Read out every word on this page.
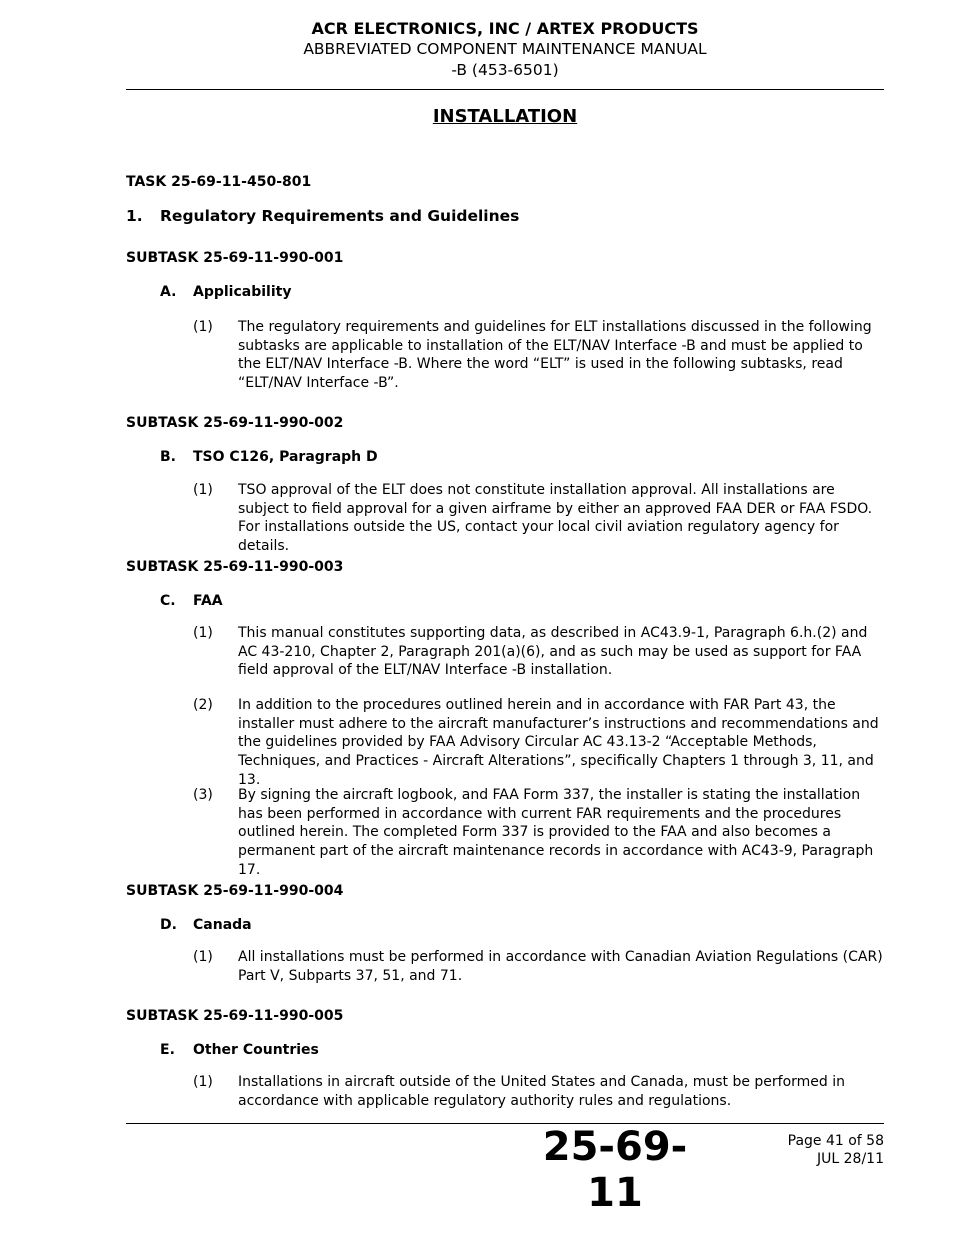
ACR ELECTRONICS, INC / ARTEX PRODUCTS
ABBREVIATED COMPONENT MAINTENANCE MANUAL
-B (453-6501)
INSTALLATION
TASK 25-69-11-450-801
1. Regulatory Requirements and Guidelines
SUBTASK 25-69-11-990-001
A. Applicability
(1) The regulatory requirements and guidelines for ELT installations discussed in the following subtasks are applicable to installation of the ELT/NAV Interface -B and must be applied to the ELT/NAV Interface -B. Where the word “ELT” is used in the following subtasks, read “ELT/NAV Interface -B”.
SUBTASK 25-69-11-990-002
B. TSO C126, Paragraph D
(1) TSO approval of the ELT does not constitute installation approval. All installations are subject to field approval for a given airframe by either an approved FAA DER or FAA FSDO. For installations outside the US, contact your local civil aviation regulatory agency for details.
SUBTASK 25-69-11-990-003
C. FAA
(1) This manual constitutes supporting data, as described in AC43.9-1, Paragraph 6.h.(2) and AC 43-210, Chapter 2, Paragraph 201(a)(6), and as such may be used as support for FAA field approval of the ELT/NAV Interface -B installation.
(2) In addition to the procedures outlined herein and in accordance with FAR Part 43, the installer must adhere to the aircraft manufacturer’s instructions and recommendations and the guidelines provided by FAA Advisory Circular AC 43.13-2 “Acceptable Methods, Techniques, and Practices - Aircraft Alterations”, specifically Chapters 1 through 3, 11, and 13.
(3) By signing the aircraft logbook, and FAA Form 337, the installer is stating the installation has been performed in accordance with current FAR requirements and the procedures outlined herein. The completed Form 337 is provided to the FAA and also becomes a permanent part of the aircraft maintenance records in accordance with AC43-9, Paragraph 17.
SUBTASK 25-69-11-990-004
D. Canada
(1) All installations must be performed in accordance with Canadian Aviation Regulations (CAR) Part V, Subparts 37, 51, and 71.
SUBTASK 25-69-11-990-005
E. Other Countries
(1) Installations in aircraft outside of the United States and Canada, must be performed in accordance with applicable regulatory authority rules and regulations.
25-69-11
Page 41 of 58
JUL 28/11
